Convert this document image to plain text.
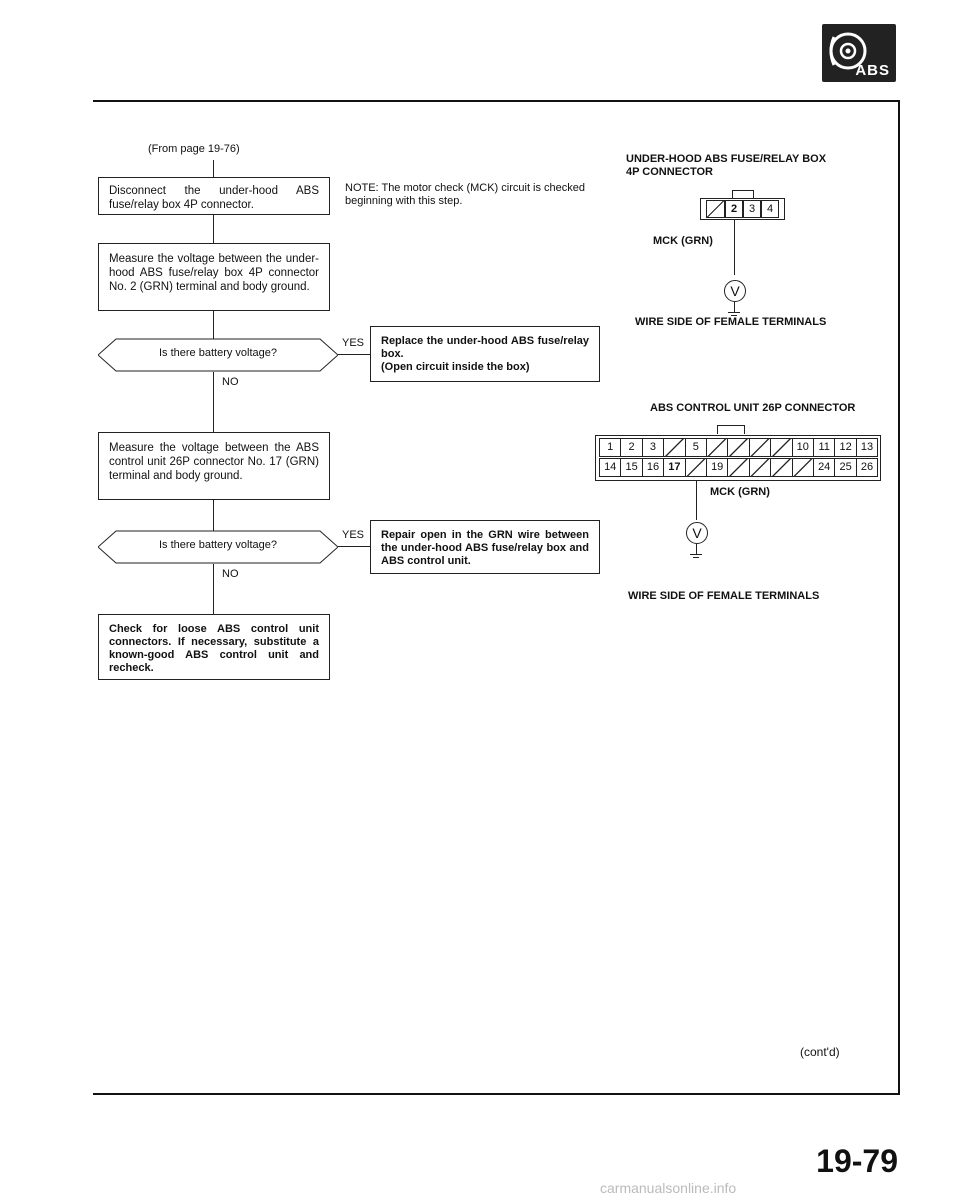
ABS
(From page 19-76)
Disconnect the under-hood ABS fuse/relay box 4P connector.
NOTE: The motor check (MCK) circuit is checked beginning with this step.
Measure the voltage between the under-hood ABS fuse/relay box 4P connector No. 2 (GRN) terminal and body ground.
Is there battery voltage?
YES Replace the under-hood ABS fuse/relay box.
(Open circuit inside the box)
NO
Measure the voltage between the ABS control unit 26P connector No. 17 (GRN) terminal and body ground.
Is there battery voltage?
YES	Repair open in the GRN wire between the under-hood ABS fuse/relay box and ABS control unit.
NO
Check for loose ABS control unit connectors. If necessary, substitute a known-good ABS control unit and recheck.
UNDER-HOOD ABS FUSE/RELAY BOX
4P CONNECTOR
2	3	4
MCK (GRN)
V
WIRE SIDE OF FEMALE TERMINALS
ABS CONTROL UNIT 26P CONNECTOR
1	2	3	5	10 11 12 13
14 15 16 17	19	24 25 26
MCK (GRN)
V
WIRE SIDE OF FEMALE TERMINALS
(cont'd)
19-79
carmanualsonline.info
